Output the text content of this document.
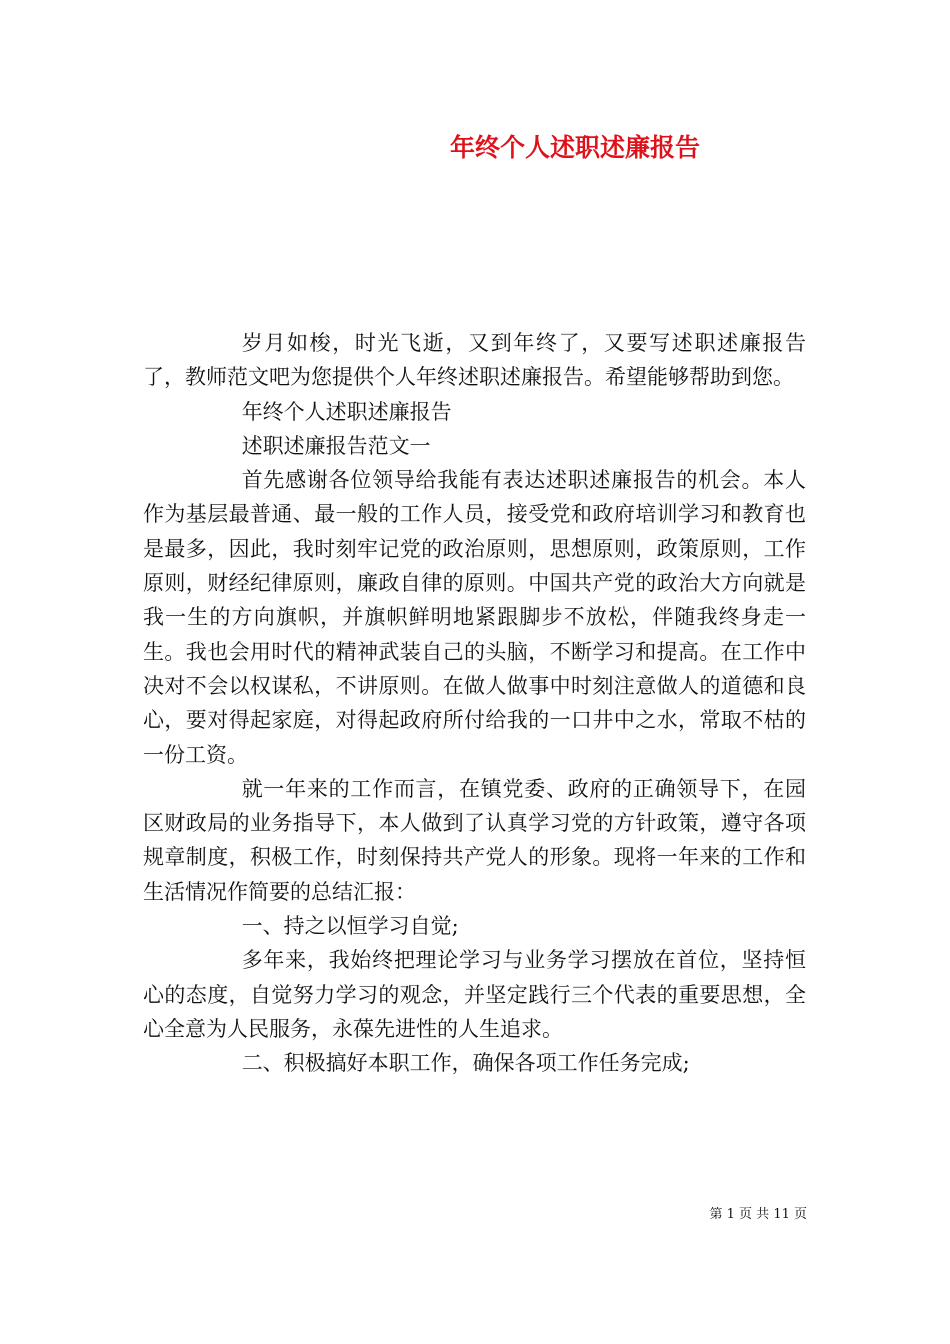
年终个人述职述廉报告

岁月如梭，时光飞逝，又到年终了，又要写述职述廉报告了，教师范文吧为您提供个人年终述职述廉报告。希望能够帮助到您。

年终个人述职述廉报告

述职述廉报告范文一

首先感谢各位领导给我能有表达述职述廉报告的机会。本人作为基层最普通、最一般的工作人员，接受党和政府培训学习和教育也是最多，因此，我时刻牢记党的政治原则，思想原则，政策原则，工作原则，财经纪律原则，廉政自律的原则。中国共产党的政治大方向就是我一生的方向旗帜，并旗帜鲜明地紧跟脚步不放松，伴随我终身走一生。我也会用时代的精神武装自己的头脑，不断学习和提高。在工作中决对不会以权谋私，不讲原则。在做人做事中时刻注意做人的道德和良心，要对得起家庭，对得起政府所付给我的一口井中之水，常取不枯的一份工资。

就一年来的工作而言，在镇党委、政府的正确领导下，在园区财政局的业务指导下，本人做到了认真学习党的方针政策，遵守各项规章制度，积极工作，时刻保持共产党人的形象。现将一年来的工作和生活情况作简要的总结汇报：

一、持之以恒学习自觉;

多年来，我始终把理论学习与业务学习摆放在首位，坚持恒心的态度，自觉努力学习的观念，并坚定践行三个代表的重要思想，全心全意为人民服务，永葆先进性的人生追求。

二、积极搞好本职工作，确保各项工作任务完成;

第 1 页 共 11 页
